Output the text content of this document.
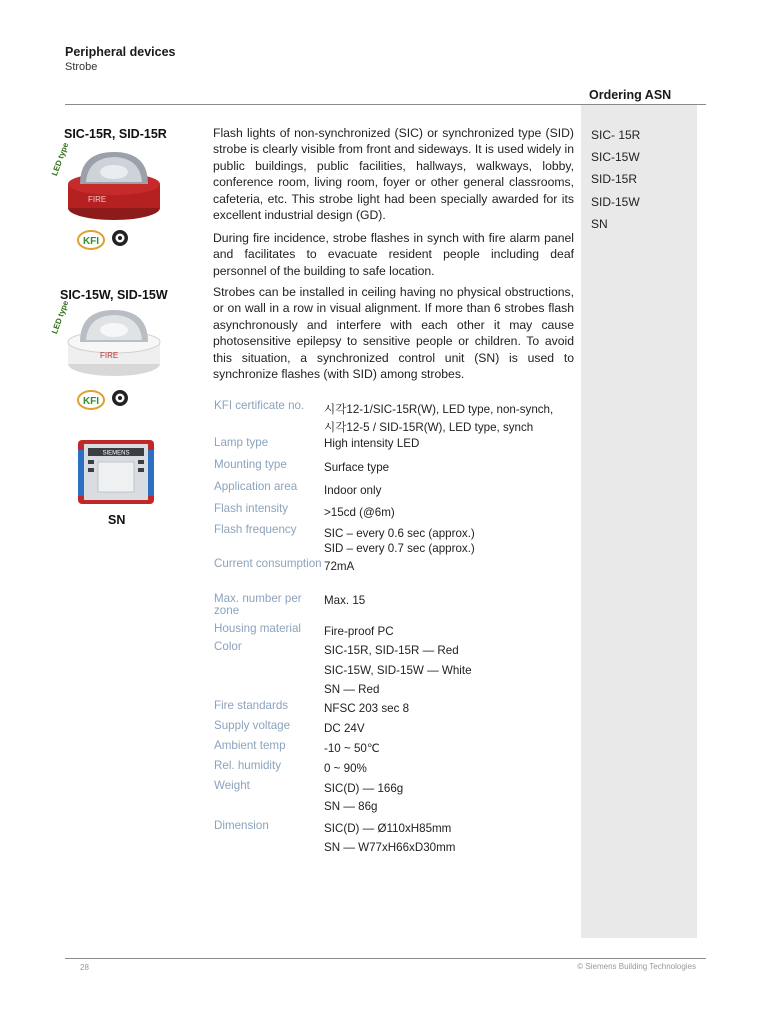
Peripheral devices
Strobe
Ordering ASN
SIC- 15R
SIC-15W
SID-15R
SID-15W
SN
SIC-15R, SID-15R
FIRE
LED type
KFI
SIC-15W, SID-15W
FIRE
LED type
KFI
SIEMENS
SN

Flash lights of non-synchronized (SIC) or synchronized type (SID) strobe is clearly visible from front and sideways. It is used widely in public buildings, public facilities, hallways, walkways, lobby, conference room, living room, foyer or other general classrooms, cafeteria, etc. This strobe light had been specially awarded for its excellent industrial design (GD).

During fire incidence, strobe flashes in synch with fire alarm panel and facilitates to evacuate resident people including deaf personnel of the building to safe location.

Strobes can be installed in ceiling having no physical obstructions, or on wall in a row in visual alignment. If more than 6 strobes flash asynchronously and interfere with each other it may cause photosensitive epilepsy to sensitive people or children. To avoid this situation, a synchronized control unit (SN) is used to synchronize flashes (with SID) among strobes.

KFI certificate no.	시각12-1/SIC-15R(W), LED type, non-synch,
시각12-5 / SID-15R(W), LED type, synch
Lamp type	High intensity LED
Mounting type	Surface type
Application area	Indoor only
Flash intensity	>15cd (@6m)
Flash frequency	SIC – every 0.6 sec (approx.)
SID – every 0.7 sec (approx.)
Current consumption 72mA
Max. number per zone
Max. 15
Housing material	Fire-proof PC
Color	SIC-15R, SID-15R — Red
SIC-15W, SID-15W — White
SN — Red
Fire standards	NFSC 203 sec 8
Supply voltage	DC 24V
Ambient temp	-10 ~ 50℃
Rel. humidity	0 ~ 90%
Weight	SIC(D) — 166g
SN — 86g
Dimension	SIC(D) — Ø110xH85mm
SN — W77xH66xD30mm
28	© Siemens Building Technologies
